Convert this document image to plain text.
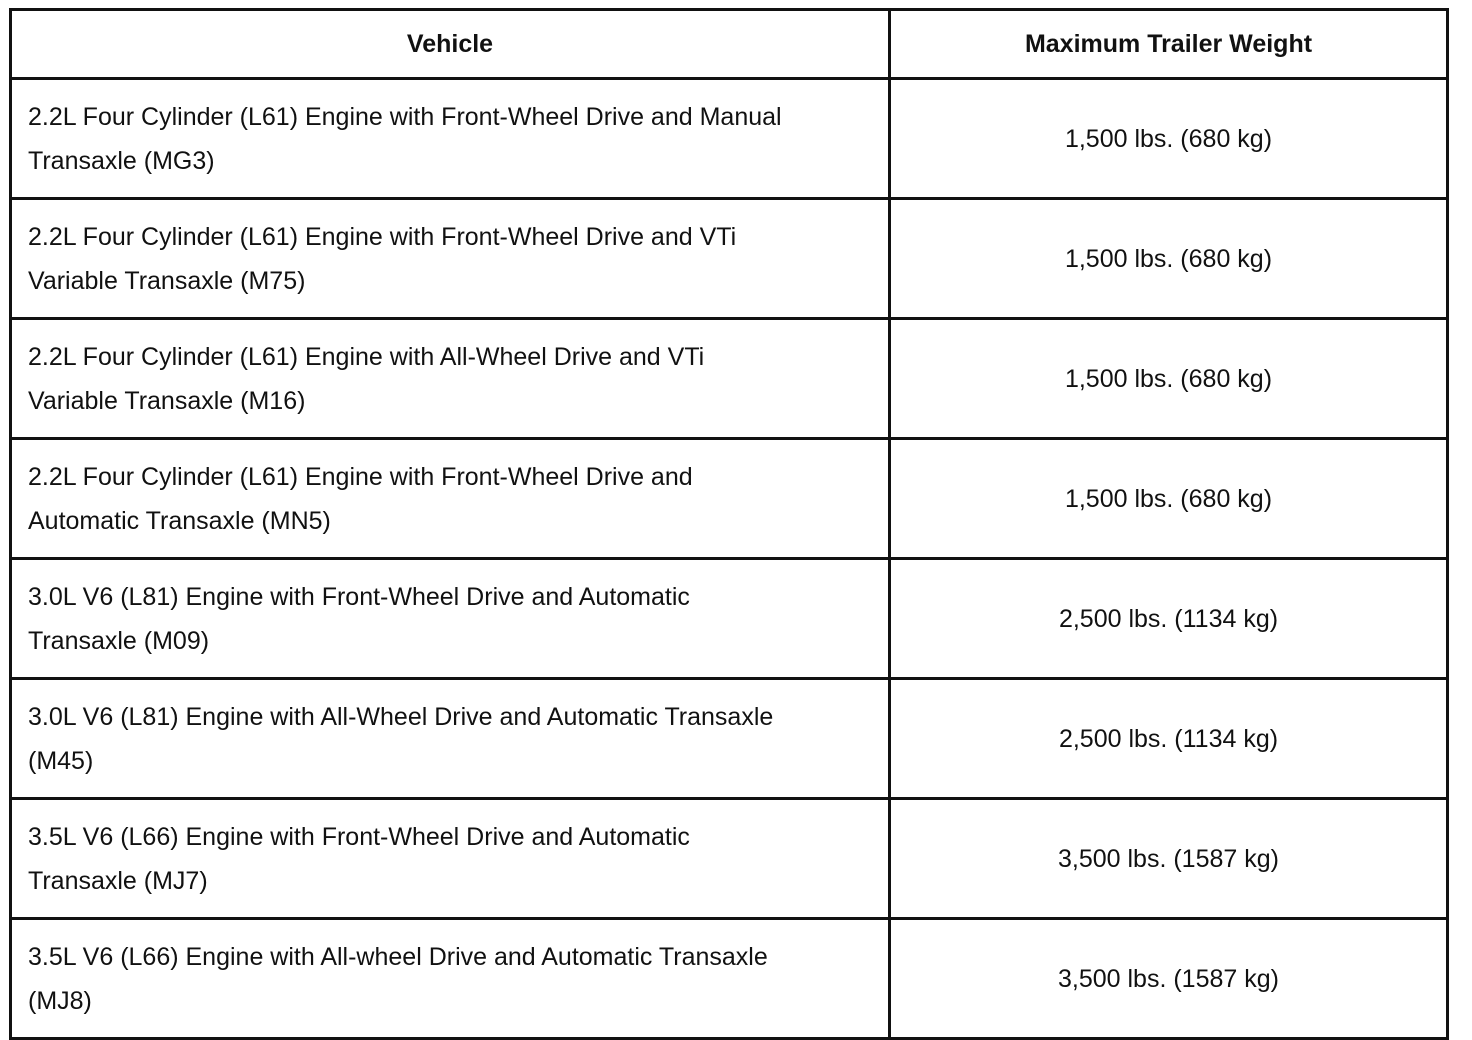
Vehicle	Maximum Trailer Weight
2.2L Four Cylinder (L61) Engine with Front-Wheel Drive and Manual Transaxle (MG3)	1,500 lbs. (680 kg)
2.2L Four Cylinder (L61) Engine with Front-Wheel Drive and VTi Variable Transaxle (M75)	1,500 lbs. (680 kg)
2.2L Four Cylinder (L61) Engine with All-Wheel Drive and VTi Variable Transaxle (M16)	1,500 lbs. (680 kg)
2.2L Four Cylinder (L61) Engine with Front-Wheel Drive and Automatic Transaxle (MN5)	1,500 lbs. (680 kg)
3.0L V6 (L81) Engine with Front-Wheel Drive and Automatic Transaxle (M09)	2,500 lbs. (1134 kg)
3.0L V6 (L81) Engine with All-Wheel Drive and Automatic Transaxle (M45)	2,500 lbs. (1134 kg)
3.5L V6 (L66) Engine with Front-Wheel Drive and Automatic Transaxle (MJ7)	3,500 lbs. (1587 kg)
3.5L V6 (L66) Engine with All-wheel Drive and Automatic Transaxle (MJ8)	3,500 lbs. (1587 kg)
